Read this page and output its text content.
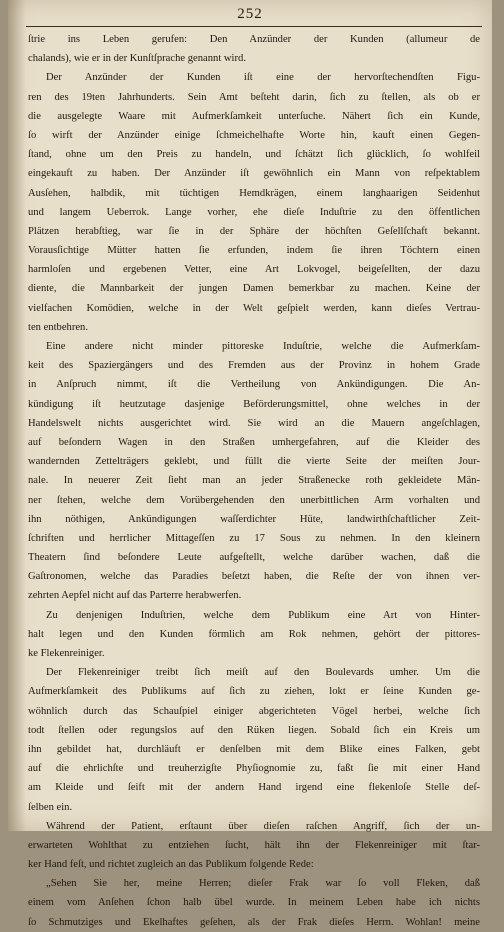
252
ſtrie ins Leben gerufen: Den Anzünder der Kunden (allumeur de
chalands), wie er in der Kunſtſprache genannt wird.
Der Anzünder der Kunden iſt eine der hervorſtechendſten Figu-
ren des 19ten Jahrhunderts. Sein Amt beſteht darin, ſich zu ſtellen, als ob er
die ausgelegte Waare mit Aufmerkſamkeit unterſuche. Nähert ſich ein Kunde,
ſo wirft der Anzünder einige ſchmeichelhafte Worte hin, kauft einen Gegen-
ſtand, ohne um den Preis zu handeln, und ſchätzt ſich glücklich, ſo wohlfeil
eingekauft zu haben. Der Anzünder iſt gewöhnlich ein Mann von reſpektablem
Ausſehen, halbdik, mit tüchtigen Hemdkrägen, einem langhaarigen Seidenhut
und langem Ueberrok. Lange vorher, ehe dieſe Induſtrie zu den öffentlichen
Plätzen herabſtieg, war ſie in der Sphäre der höchſten Geſellſchaft bekannt.
Vorausſichtige Mütter hatten ſie erfunden, indem ſie ihren Töchtern einen
harmloſen und ergebenen Vetter, eine Art Lokvogel, beigeſellten, der dazu
diente, die Mannbarkeit der jungen Damen bemerkbar zu machen. Keine der
vielfachen Komödien, welche in der Welt geſpielt werden, kann dieſes Vertrau-
ten entbehren.
Eine andere nicht minder pittoreske Induſtrie, welche die Aufmerkſam-
keit des Spaziergängers und des Fremden aus der Provinz in hohem Grade
in Anſpruch nimmt, iſt die Vertheilung von Ankündigungen. Die An-
kündigung iſt heutzutage dasjenige Beförderungsmittel, ohne welches in der
Handelswelt nichts ausgerichtet wird. Sie wird an die Mauern angeſchlagen,
auf beſondern Wagen in den Straßen umhergefahren, auf die Kleider des
wandernden Zettelträgers geklebt, und füllt die vierte Seite der meiſten Jour-
nale. In neuerer Zeit ſieht man an jeder Straßenecke roth gekleidete Män-
ner ſtehen, welche dem Vorübergehenden den unerbittlichen Arm vorhalten und
ihn nöthigen, Ankündigungen waſſerdichter Hüte, landwirthſchaftlicher Zeit-
ſchriften und herrlicher Mittageſſen zu 17 Sous zu nehmen. In den kleinern
Theatern ſind beſondere Leute aufgeſtellt, welche darüber wachen, daß die
Gaſtronomen, welche das Paradies beſetzt haben, die Reſte der von ihnen ver-
zehrten Aepfel nicht auf das Parterre herabwerfen.
Zu denjenigen Induſtrien, welche dem Publikum eine Art von Hinter-
halt legen und den Kunden förmlich am Rok nehmen, gehört der pittores-
ke Flekenreiniger.
Der Flekenreiniger treibt ſich meiſt auf den Boulevards umher. Um die
Aufmerkſamkeit des Publikums auf ſich zu ziehen, lokt er ſeine Kunden ge-
wöhnlich durch das Schauſpiel einiger abgerichteten Vögel herbei, welche ſich
todt ſtellen oder regungslos auf den Rüken liegen. Sobald ſich ein Kreis um
ihn gebildet hat, durchläuft er denſelben mit dem Blike eines Falken, gebt
auf die ehrlichſte und treuherzigſte Phyſiognomie zu, faßt ſie mit einer Hand
am Kleide und ſeift mit der andern Hand irgend eine flekenloſe Stelle deſ-
ſelben ein.
Während der Patient, erſtaunt über dieſen raſchen Angriff, ſich der un-
erwarteten Wohlthat zu entziehen ſucht, hält ihn der Flekenreiniger mit ſtar-
ker Hand feſt, und richtet zugleich an das Publikum folgende Rede:
„Sehen Sie her, meine Herren; dieſer Frak war ſo voll Fleken, daß
einem vom Anſehen ſchon halb übel wurde. In meinem Leben habe ich nichts
ſo Schmutziges und Ekelhaftes geſehen, als der Frak dieſes Herrn. Wohlan! meine
